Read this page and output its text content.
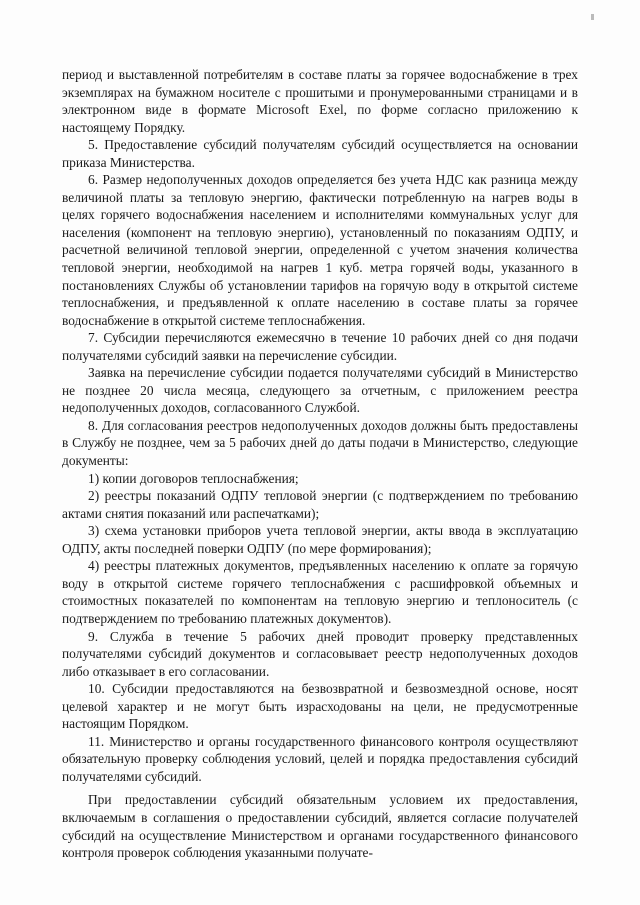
период и выставленной потребителям в составе платы за горячее водоснабжение в трех экземплярах на бумажном носителе с прошитыми и пронумерованными страницами и в электронном виде в формате Microsoft Exel, по форме согласно приложению к настоящему Порядку.

5. Предоставление субсидий получателям субсидий осуществляется на основании приказа Министерства.

6. Размер недополученных доходов определяется без учета НДС как разница между величиной платы за тепловую энергию, фактически потребленную на нагрев воды в целях горячего водоснабжения населением и исполнителями коммунальных услуг для населения (компонент на тепловую энергию), установленный по показаниям ОДПУ, и расчетной величиной тепловой энергии, определенной с учетом значения количества тепловой энергии, необходимой на нагрев 1 куб. метра горячей воды, указанного в постановлениях Службы об установлении тарифов на горячую воду в открытой системе теплоснабжения, и предъявленной к оплате населению в составе платы за горячее водоснабжение в открытой системе теплоснабжения.

7. Субсидии перечисляются ежемесячно в течение 10 рабочих дней со дня подачи получателями субсидий заявки на перечисление субсидии.

Заявка на перечисление субсидии подается получателями субсидий в Министерство не позднее 20 числа месяца, следующего за отчетным, с приложением реестра недополученных доходов, согласованного Службой.

8. Для согласования реестров недополученных доходов должны быть предоставлены в Службу не позднее, чем за 5 рабочих дней до даты подачи в Министерство, следующие документы:

1) копии договоров теплоснабжения;

2) реестры показаний ОДПУ тепловой энергии (с подтверждением по требованию актами снятия показаний или распечатками);

3) схема установки приборов учета тепловой энергии, акты ввода в эксплуатацию ОДПУ, акты последней поверки ОДПУ (по мере формирования);

4) реестры платежных документов, предъявленных населению к оплате за горячую воду в открытой системе горячего теплоснабжения с расшифровкой объемных и стоимостных показателей по компонентам на тепловую энергию и теплоноситель (с подтверждением по требованию платежных документов).

9. Служба в течение 5 рабочих дней проводит проверку представленных получателями субсидий документов и согласовывает реестр недополученных доходов либо отказывает в его согласовании.

10. Субсидии предоставляются на безвозвратной и безвозмездной основе, носят целевой характер и не могут быть израсходованы на цели, не предусмотренные настоящим Порядком.

11. Министерство и органы государственного финансового контроля осуществляют обязательную проверку соблюдения условий, целей и порядка предоставления субсидий получателями субсидий.

При предоставлении субсидий обязательным условием их предоставления, включаемым в соглашения о предоставлении субсидий, является согласие получателей субсидий на осуществление Министерством и органами государственного финансового контроля проверок соблюдения указанными получате-
